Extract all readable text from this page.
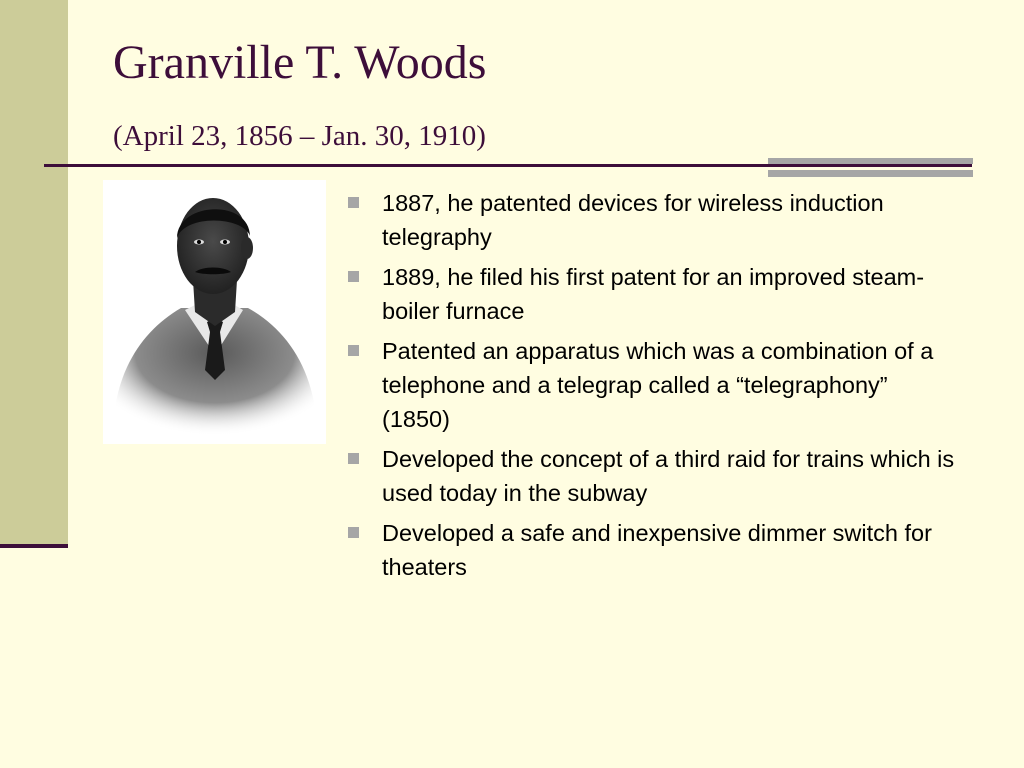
Granville T. Woods
(April 23, 1856 – Jan. 30, 1910)
1887, he patented devices for wireless induction telegraphy
1889, he filed his first patent for an improved steam-boiler furnace
Patented an apparatus which was a combination of a telephone and a telegrap called a “telegraphony” (1850)
Developed the concept of a third raid for trains which is used today in the subway
Developed a safe and inexpensive dimmer switch for theaters
